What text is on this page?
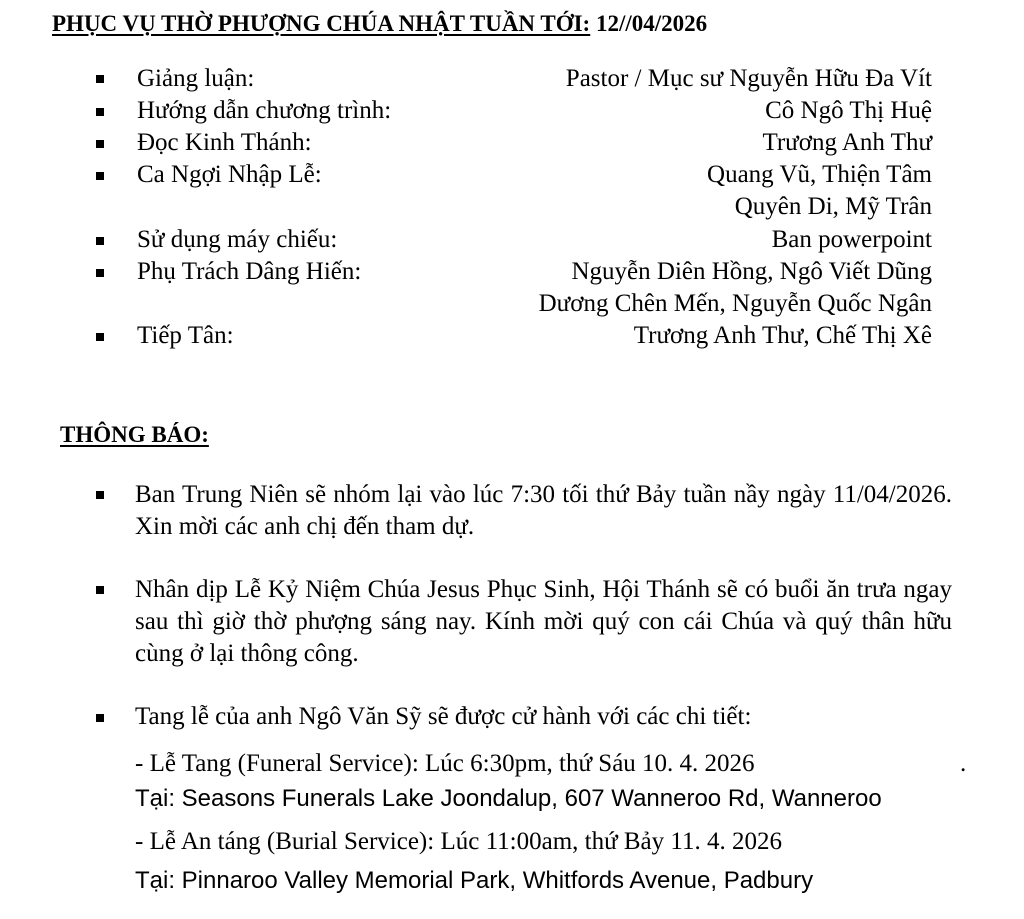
PHỤC VỤ THỜ PHƯỢNG CHÚA NHẬT TUẦN TỚI: 12//04/2026
Giảng luận:	Pastor / Mục sư Nguyễn Hữu Đa Vít
Hướng dẫn chương trình:	Cô Ngô Thị Huệ
Đọc Kinh Thánh:	Trương Anh Thư
Ca Ngợi Nhập Lễ:	Quang Vũ, Thiện Tâm
Quyên Di, Mỹ Trân
Sử dụng máy chiếu:	Ban powerpoint
Phụ Trách Dâng Hiến:	Nguyễn Diên Hồng, Ngô Viết Dũng
Dương Chên Mến, Nguyễn Quốc Ngân
Tiếp Tân:	Trương Anh Thư, Chế Thị Xê
THÔNG BÁO:
Ban Trung Niên sẽ nhóm lại vào lúc 7:30 tối thứ Bảy tuần nầy ngày 11/04/2026. Xin mời các anh chị đến tham dự.
Nhân dịp Lễ Kỷ Niệm Chúa Jesus Phục Sinh, Hội Thánh sẽ có buổi ăn trưa ngay sau thì giờ thờ phượng sáng nay. Kính mời quý con cái Chúa và quý thân hữu cùng ở lại thông công.
Tang lễ của anh Ngô Văn Sỹ sẽ được cử hành với các chi tiết:
- Lễ Tang (Funeral Service): Lúc 6:30pm, thứ Sáu 10. 4. 2026	.
Tại: Seasons Funerals Lake Joondalup, 607 Wanneroo Rd, Wanneroo
- Lễ An táng (Burial Service): Lúc 11:00am, thứ Bảy 11. 4. 2026
Tại: Pinnaroo Valley Memorial Park, Whitfords Avenue, Padbury
